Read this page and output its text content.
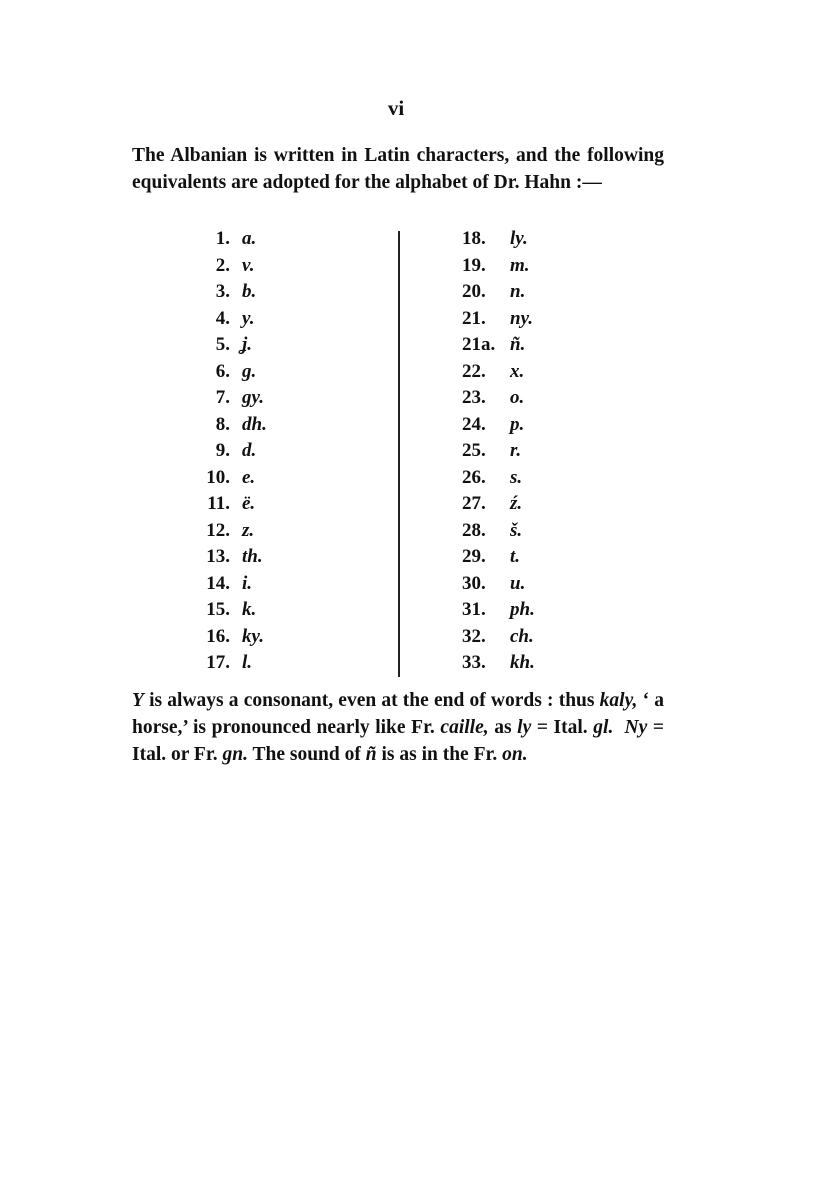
vi

The Albanian is written in Latin characters, and the following equivalents are adopted for the alphabet of Dr. Hahn :—

1. a.
2. v.
3. b.
4. y.
5. ʝ.
6. g.
7. gy.
8. dh.
9. d.
10. e.
11. ë.
12. z.
13. th.
14. i.
15. k.
16. ky.
17. l.
18. ly.
19. m.
20. n.
21. ny.
21a. ñ.
22. x.
23. o.
24. p.
25. r.
26. s.
27. ź.
28. š.
29. t.
30. u.
31. ph.
32. ch.
33. kh.

Y is always a consonant, even at the end of words : thus kaly, ‘ a horse,’ is pronounced nearly like Fr. caille, as ly = Ital. gl. Ny = Ital. or Fr. gn. The sound of ñ is as in the Fr. on.
